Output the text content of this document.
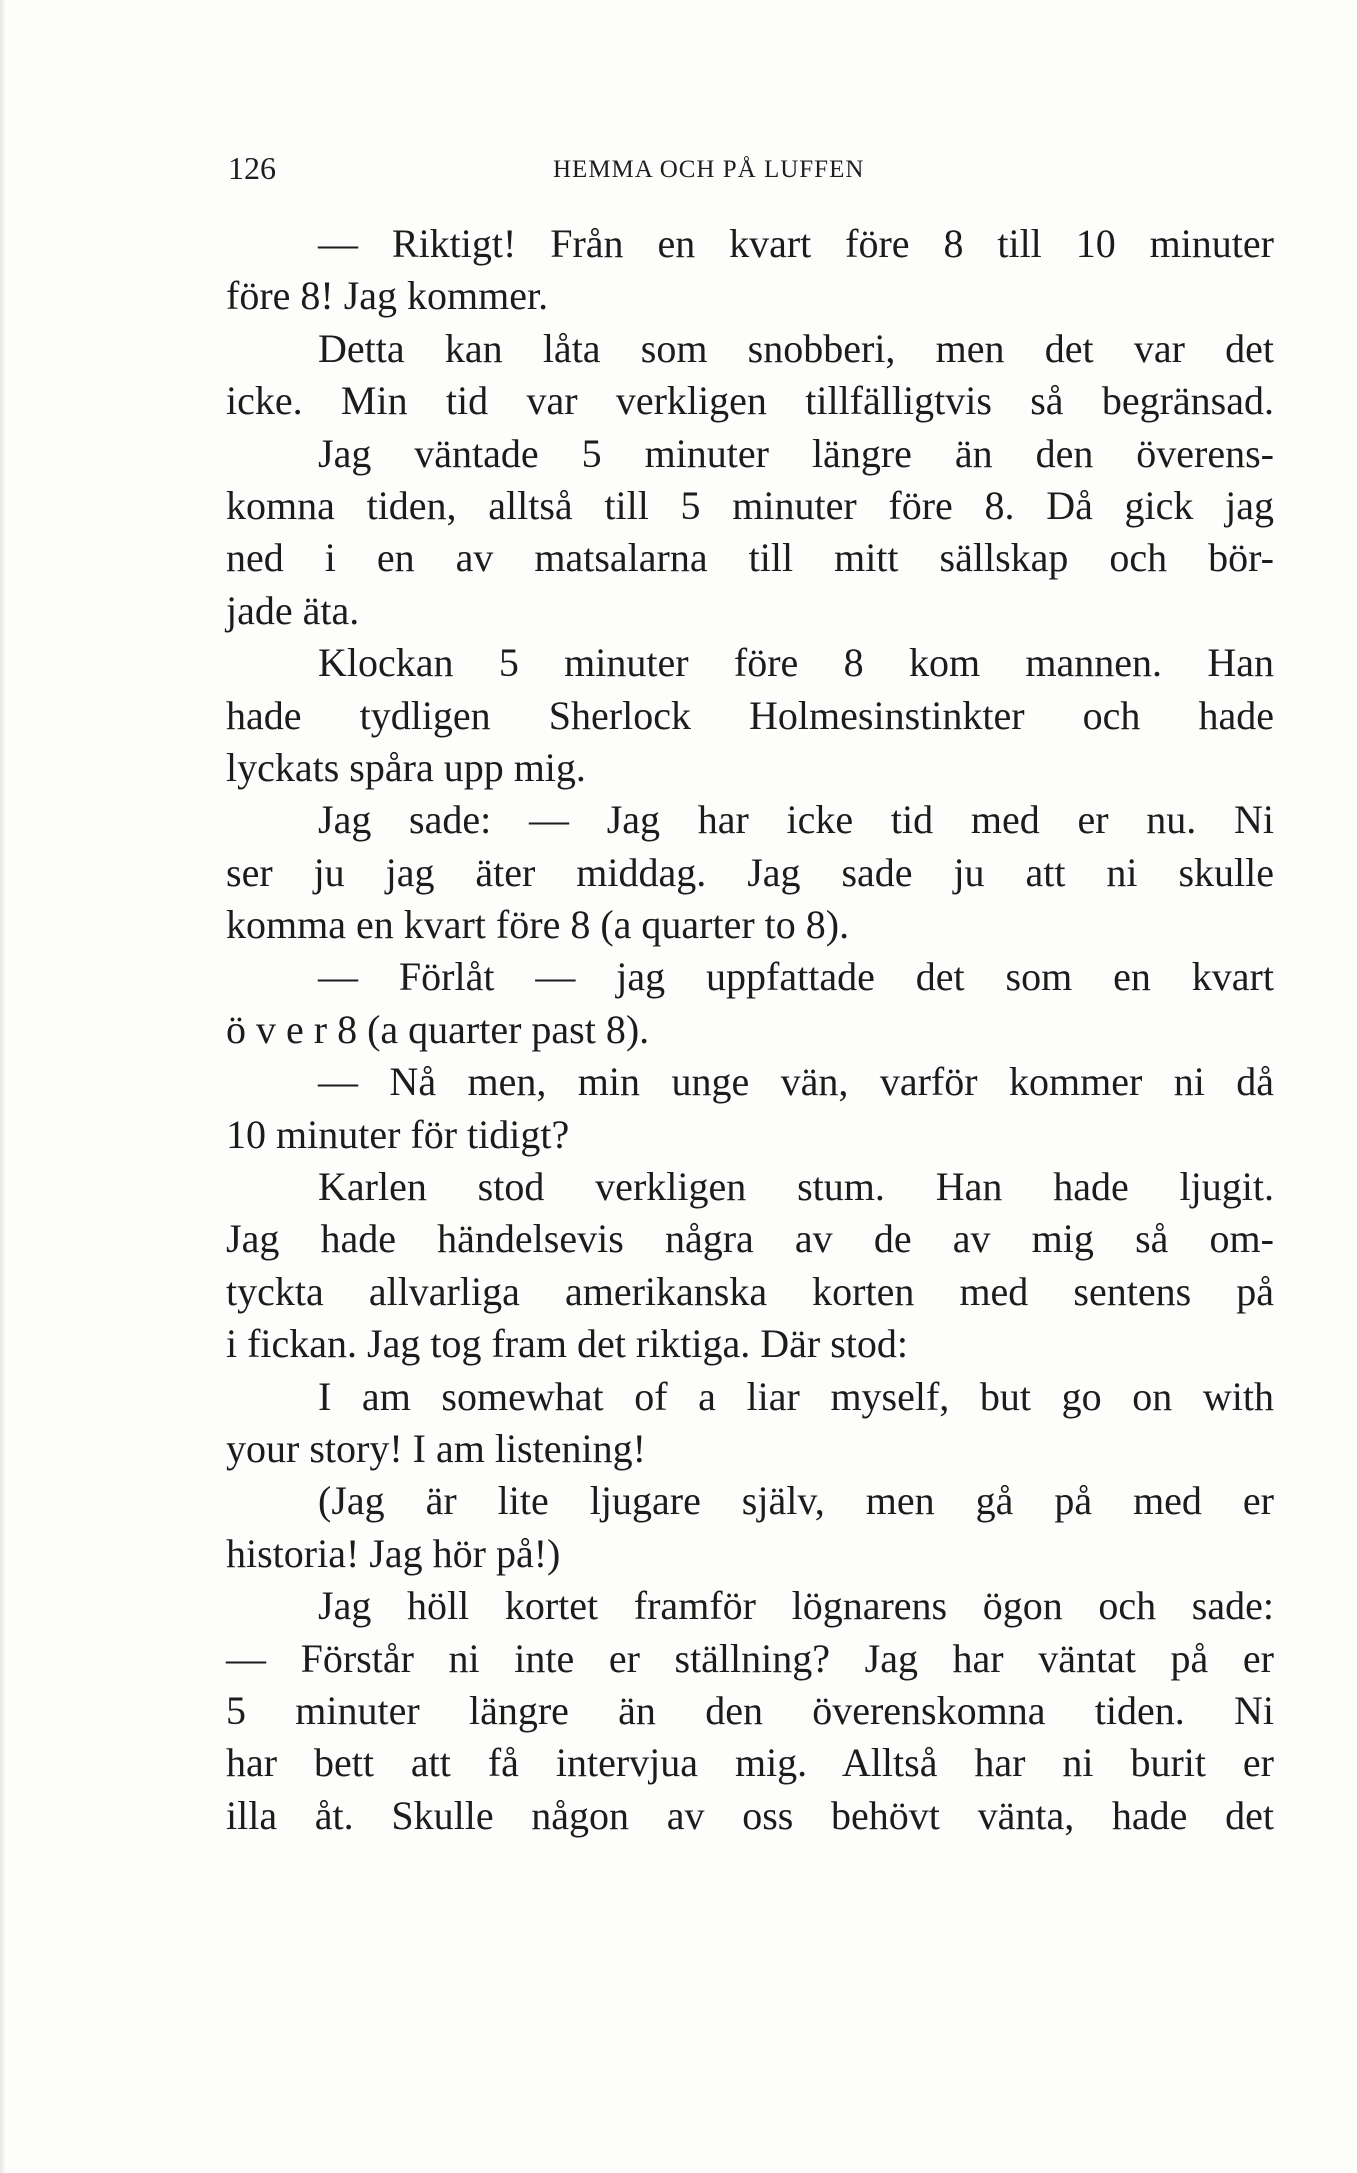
126	HEMMA OCH PÅ LUFFEN
— Riktigt! Från en kvart före 8 till 10 minuter
före 8! Jag kommer.
Detta kan låta som snobberi, men det var det
icke. Min tid var verkligen tillfälligtvis så begränsad.
Jag väntade 5 minuter längre än den överens-
komna tiden, alltså till 5 minuter före 8. Då gick jag
ned i en av matsalarna till mitt sällskap och bör-
jade äta.
Klockan 5 minuter före 8 kom mannen. Han
hade tydligen Sherlock Holmesinstinkter och hade
lyckats spåra upp mig.
Jag sade: — Jag har icke tid med er nu. Ni
ser ju jag äter middag. Jag sade ju att ni skulle
komma en kvart före 8 (a quarter to 8).
— Förlåt — jag uppfattade det som en kvart
ö v e r 8 (a quarter past 8).
— Nå men, min unge vän, varför kommer ni då
10 minuter för tidigt?
Karlen stod verkligen stum. Han hade ljugit.
Jag hade händelsevis några av de av mig så om-
tyckta allvarliga amerikanska korten med sentens på
i fickan. Jag tog fram det riktiga. Där stod:
I am somewhat of a liar myself, but go on with
your story! I am listening!
(Jag är lite ljugare själv, men gå på med er
historia! Jag hör på!)
Jag höll kortet framför lögnarens ögon och sade:
— Förstår ni inte er ställning? Jag har väntat på er
5 minuter längre än den överenskomna tiden. Ni
har bett att få intervjua mig. Alltså har ni burit er
illa åt. Skulle någon av oss behövt vänta, hade det
